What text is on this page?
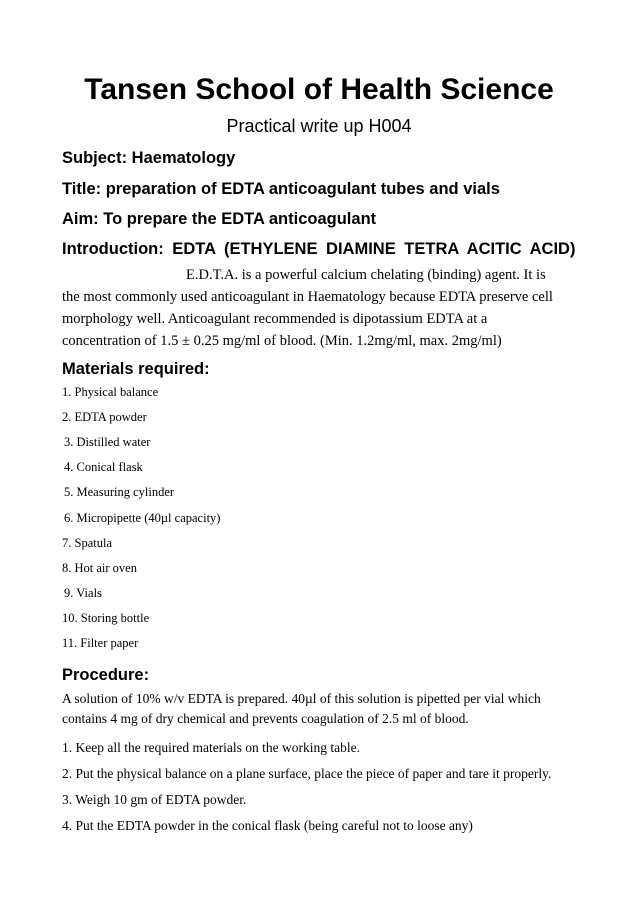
Tansen School of Health Science
Practical write up H004
Subject: Haematology
Title: preparation of EDTA anticoagulant tubes and vials
Aim: To prepare the EDTA anticoagulant
Introduction: EDTA (ETHYLENE DIAMINE TETRA ACITIC ACID)
E.D.T.A. is a powerful calcium chelating (binding) agent. It is
the most commonly used anticoagulant in Haematology because EDTA preserve cell
morphology well. Anticoagulant recommended is dipotassium EDTA at a
concentration of 1.5 ± 0.25 mg/ml of blood. (Min. 1.2mg/ml, max. 2mg/ml)
Materials required:
1. Physical balance
2. EDTA powder
3. Distilled water
4. Conical flask
5. Measuring cylinder
6. Micropipette (40µl capacity)
7. Spatula
8. Hot air oven
9. Vials
10. Storing bottle
11. Filter paper
Procedure:
A solution of 10% w/v EDTA is prepared. 40µl of this solution is pipetted per vial which
contains 4 mg of dry chemical and prevents coagulation of 2.5 ml of blood.
1. Keep all the required materials on the working table.
2. Put the physical balance on a plane surface, place the piece of paper and tare it properly.
3. Weigh 10 gm of EDTA powder.
4. Put the EDTA powder in the conical flask (being careful not to loose any)
